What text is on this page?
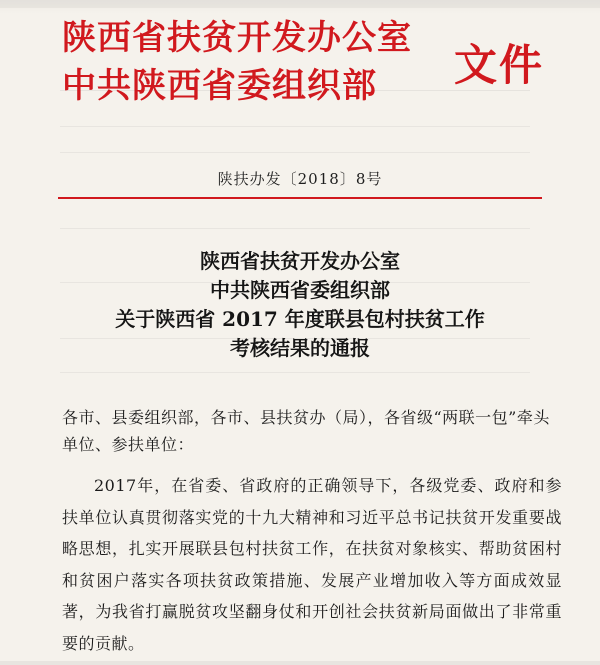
陕西省扶贫开发办公室
中共陕西省委组织部 文件
陕扶办发〔2018〕8号
陕西省扶贫开发办公室
中共陕西省委组织部
关于陕西省 2017 年度联县包村扶贫工作
考核结果的通报
各市、县委组织部，各市、县扶贫办（局），各省级“两联一包”牵头单位、参扶单位：
2017年，在省委、省政府的正确领导下，各级党委、政府和参扶单位认真贯彻落实党的十九大精神和习近平总书记扶贫开发重要战略思想，扎实开展联县包村扶贫工作，在扶贫对象核实、帮助贫困村和贫困户落实各项扶贫政策措施、发展产业增加收入等方面成效显著，为我省打赢脱贫攻坚翻身仗和开创社会扶贫新局面做出了非常重要的贡献。
